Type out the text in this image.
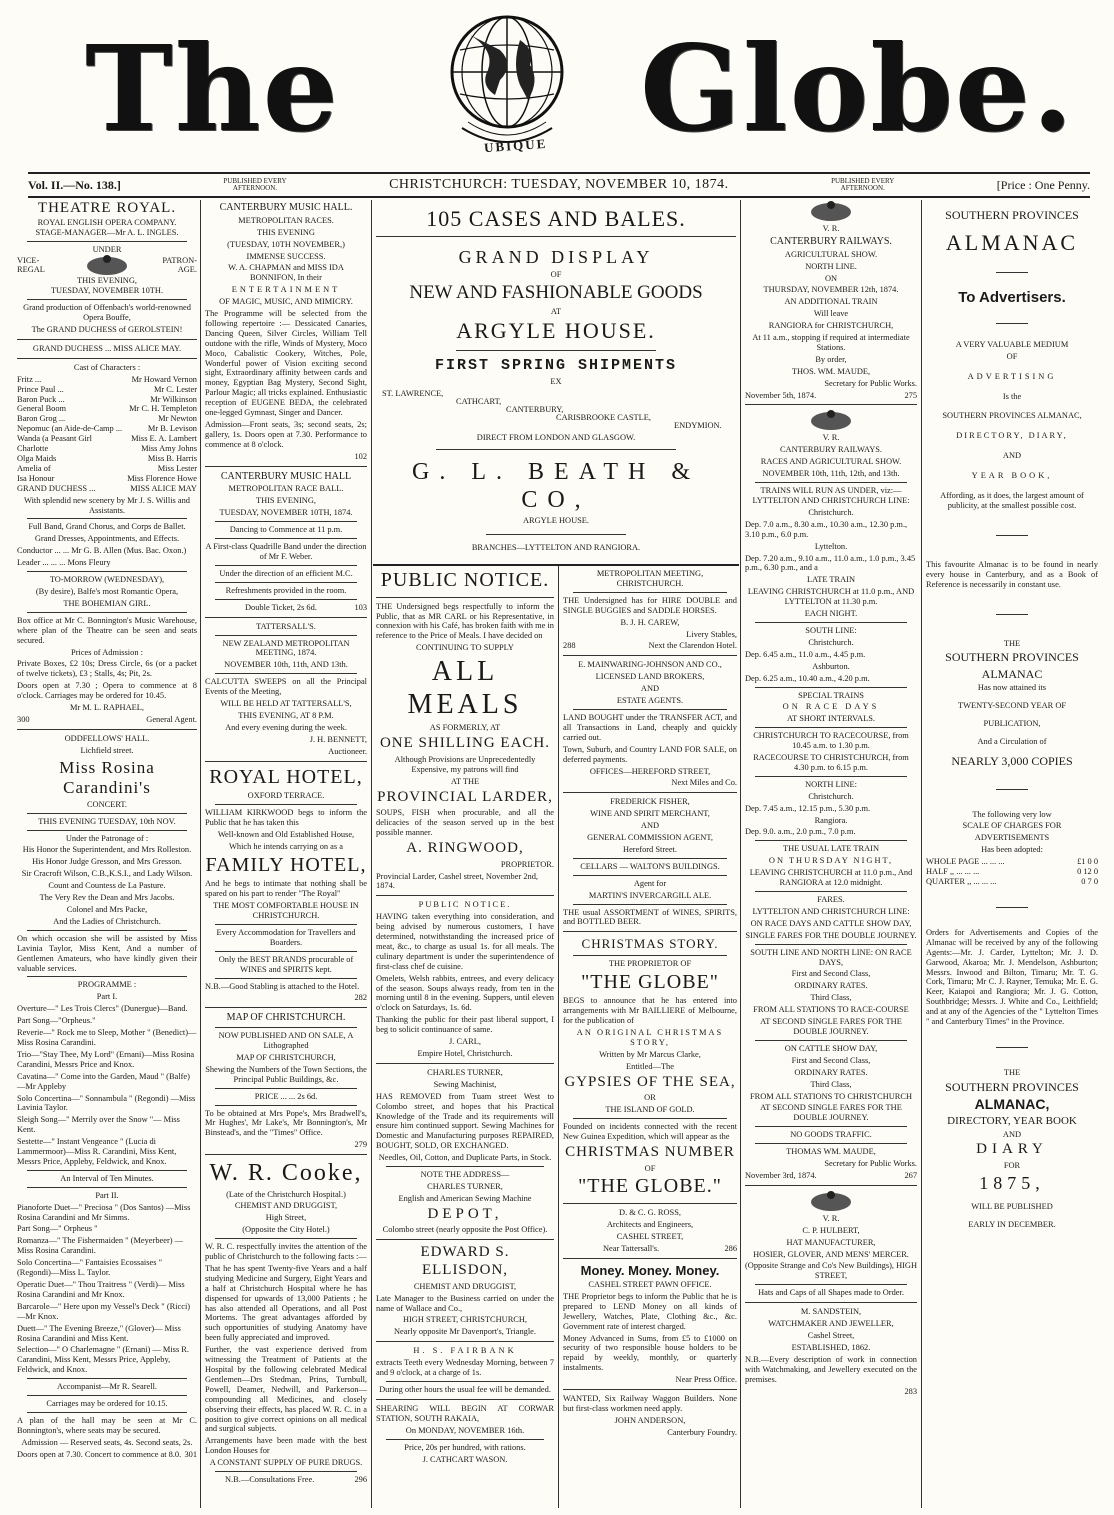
The	UBIQUE Globe.
Vol. II.—No. 138.]	PUBLISHED EVERY AFTERNOON.	CHRISTCHURCH: TUESDAY, NOVEMBER 10, 1874.	PUBLISHED EVERY AFTERNOON.	[Price : One Penny.
THEATRE ROYAL.
ROYAL ENGLISH OPERA COMPANY.
STAGE-MANAGER—Mr A. L. INGLES.
UNDER
VICE-REGAL
PATRON-AGE.
THIS EVENING,
TUESDAY, NOVEMBER 10TH.

Grand production of Offenbach's world-renowned Opera Bouffe,

The GRAND DUCHESS of GEROLSTEIN!

GRAND DUCHESS ... MISS ALICE MAY.

Cast of Characters :

Fritz ...	Mr Howard Vernon
Prince Paul ...	Mr C. Lester
Baron Puck ...	Mr Wilkinson
General Boom	Mr C. H. Templeton
Baron Grog ...	Mr Newton
Nepomuc (an Aide-de-Camp ...	Mr B. Levison
Wanda (a Peasant Girl	Miss E. A. Lambert
Charlotte	Miss Amy Johns
Olga Maids	Miss B. Harris
Amelia of	Miss Lester
Isa Honour	Miss Florence Howe
GRAND DUCHESS ...	MISS ALICE MAY

With splendid new scenery by Mr J. S. Willis and Assistants.

Full Band, Grand Chorus, and Corps de Ballet.

Grand Dresses, Appointments, and Effects.

Conductor ... ... Mr G. B. Allen (Mus. Bac. Oxon.)

Leader ... ... ... Mons Fleury

TO-MORROW (WEDNESDAY),

(By desire), Balfe's most Romantic Opera,

THE BOHEMIAN GIRL.

Box office at Mr C. Bonnington's Music Warehouse, where plan of the Theatre can be seen and seats secured.

Prices of Admission :

Private Boxes, £2 10s; Dress Circle, 6s (or a packet of twelve tickets), £3 ; Stalls, 4s; Pit, 2s.

Doors open at 7.30 ; Opera to commence at 8 o'clock. Carriages may be ordered for 10.45.

Mr M. L. RAPHAEL,

300	General Agent.

ODDFELLOWS' HALL.

Lichfield street.

Miss Rosina Carandini's

CONCERT.

THIS EVENING TUESDAY, 10th NOV.

Under the Patronage of :

His Honor the Superintendent, and Mrs Rolleston.

His Honor Judge Gresson, and Mrs Gresson.

Sir Cracroft Wilson, C.B.,K.S.I., and Lady Wilson.

Count and Countess de La Pasture.

The Very Rev the Dean and Mrs Jacobs.

Colonel and Mrs Packe,

And the Ladies of Christchurch.

On which occasion she will be assisted by Miss Lavinia Taylor, Miss Kent, And a number of Gentlemen Amateurs, who have kindly given their valuable services.

PROGRAMME :

Part I.

Overture—" Les Trois Clercs" (Dunergue)—Band.

Part Song—"Orpheus."

Reverie—" Rock me to Sleep, Mother " (Benedict)—Miss Rosina Carandini.

Trio—"Stay Thee, My Lord" (Ernani)—Miss Rosina Carandini, Messrs Price and Knox.

Cavatina—" Come into the Garden, Maud " (Balfe)—Mr Appleby

Solo Concertina—" Sonnambula " (Regondi) —Miss Lavinia Taylor.

Sleigh Song—" Merrily over the Snow "— Miss Kent.

Sestette—" Instant Vengeance " (Lucia di Lammermoor)—Miss R. Carandini, Miss Kent, Messrs Price, Appleby, Feldwick, and Knox.

An Interval of Ten Minutes.

Part II.

Pianoforte Duet—" Preciosa " (Dos Santos) —Miss Rosina Carandini and Mr Simms.

Part Song—" Orpheus "

Romanza—" The Fishermaiden " (Meyerbeer) —Miss Rosina Carandini.

Solo Concertina—" Fantaisies Ecossaises " (Regondi)—Miss L. Taylor.

Operatic Duet—" Thou Traitress " (Verdi)— Miss Rosina Carandini and Mr Knox.

Barcarole—" Here upon my Vessel's Deck " (Ricci)—Mr Knox.

Duett—" The Evening Breeze," (Glover)— Miss Rosina Carandini and Miss Kent.

Selection—" O Charlemagne " (Ernani) — Miss R. Carandini, Miss Kent, Messrs Price, Appleby, Feldwick, and Knox.

Accompanist—Mr R. Searell.

Carriages may be ordered for 10.15.

A plan of the hall may be seen at Mr C. Bonnington's, where seats may be secured.

Admission — Reserved seats, 4s. Second seats, 2s.

Doors open at 7.30. Concert to commence at 8.0. 301

CANTERBURY MUSIC HALL.

METROPOLITAN RACES.

THIS EVENING

(TUESDAY, 10TH NOVEMBER,)

IMMENSE SUCCESS.

W. A. CHAPMAN and MISS IDA BONNIFON, In their

ENTERTAINMENT

OF MAGIC, MUSIC, AND MIMICRY.

The Programme will be selected from the following repertoire :— Dessicated Canaries, Dancing Queen, Silver Circles, William Tell outdone with the rifle, Winds of Mystery, Moco Moco, Cabalistic Cookery, Witches, Pole, Wonderful power of Vision exciting second sight, Extraordinary affinity between cards and money, Egyptian Bag Mystery, Second Sight, Parlour Magic; all tricks explained. Enthusiastic reception of EUGENE BEDA, the celebrated one-legged Gymnast, Singer and Dancer.

Admission—Front seats, 3s; second seats, 2s; gallery, 1s. Doors open at 7.30. Performance to commence at 8 o'clock.

102

CANTERBURY MUSIC HALL

METROPOLITAN RACE BALL.

THIS EVENING,

TUESDAY, NOVEMBER 10TH, 1874.

Dancing to Commence at 11 p.m.

A First-class Quadrille Band under the direction of Mr F. Weber.

Under the direction of an efficient M.C.

Refreshments provided in the room.

Double Ticket, 2s 6d.	103

TATTERSALL'S.

NEW ZEALAND METROPOLITAN MEETING, 1874.

NOVEMBER 10th, 11th, AND 13th.

CALCUTTA SWEEPS on all the Principal Events of the Meeting,

WILL BE HELD AT TATTERSALL'S,

THIS EVENING, AT 8 P.M.

And every evening during the week.

J. H. BENNETT,

Auctioneer.

ROYAL HOTEL,

OXFORD TERRACE.

WILLIAM KIRKWOOD begs to inform the Public that he has taken this

Well-known and Old Established House,

Which he intends carrying on as a

FAMILY HOTEL,

And he begs to intimate that nothing shall be spared on his part to render "The Royal"

THE MOST COMFORTABLE HOUSE IN CHRISTCHURCH.

Every Accommodation for Travellers and Boarders.

Only the BEST BRANDS procurable of WINES and SPIRITS kept.

N.B.—Good Stabling is attached to the Hotel.

282

MAP OF CHRISTCHURCH.

NOW PUBLISHED AND ON SALE, A Lithographed

MAP OF CHRISTCHURCH,

Shewing the Numbers of the Town Sections, the Principal Public Buildings, &c.

PRICE ... ... 2s 6d.

To be obtained at Mrs Pope's, Mrs Bradwell's, Mr Hughes', Mr Lake's, Mr Bonnington's, Mr Binstead's, and the "Times" Office.

279

W. R. Cooke,

(Late of the Christchurch Hospital.)

CHEMIST AND DRUGGIST,

High Street,

(Opposite the City Hotel.)

W. R. C. respectfully invites the attention of the public of Christchurch to the following facts :—

That he has spent Twenty-five Years and a half studying Medicine and Surgery, Eight Years and a half at Christchurch Hospital where he has dispensed for upwards of 13,000 Patients ; he has also attended all Operations, and all Post Mortems. The great advantages afforded by such opportunities of studying Anatomy have been fully appreciated and improved.

Further, the vast experience derived from witnessing the Treatment of Patients at the Hospital by the following celebrated Medical Gentlemen—Drs Stedman, Prins, Turnbull, Powell, Deamer, Nedwill, and Parkerson—compounding all Medicines, and closely observing their effects, has placed W. R. C. in a position to give correct opinions on all medical and surgical subjects.

Arrangements have been made with the best London Houses for

A CONSTANT SUPPLY OF PURE DRUGS.

N.B.—Consultations Free.	296

105 CASES AND BALES.

GRAND DISPLAY

OF

NEW AND FASHIONABLE GOODS

AT

ARGYLE HOUSE.

FIRST SPRING SHIPMENTS

EX

ST. LAWRENCE,
CATHCART,
CANTERBURY,
CARISBROOKE CASTLE,
ENDYMION.

DIRECT FROM LONDON AND GLASGOW.

G. L. BEATH & CO,

ARGYLE HOUSE.

BRANCHES—LYTTELTON AND RANGIORA.

PUBLIC NOTICE.

THE Undersigned begs respectfully to inform the Public, that as MR CARL or his Representative, in connexion with his Café, has broken faith with me in reference to the Price of Meals. I have decided on

CONTINUING TO SUPPLY

ALL MEALS

AS FORMERLY, AT

ONE SHILLING EACH.

Although Provisions are Unprecedentedly Expensive, my patrons will find

AT THE

PROVINCIAL LARDER,

SOUPS, FISH when procurable, and all the delicacies of the season served up in the best possible manner.

A. RINGWOOD,

PROPRIETOR.

Provincial Larder, Cashel street, November 2nd, 1874.

PUBLIC NOTICE.

HAVING taken everything into consideration, and being advised by numerous customers, I have determined, notwithstanding the increased price of meat, &c., to charge as usual 1s. for all meals. The culinary department is under the superintendence of first-class chef de cuisine.

Omelets, Welsh rabbits, entrees, and every delicacy of the season. Soups always ready, from ten in the morning until 8 in the evening. Suppers, until eleven o'clock on Saturdays, 1s. 6d.

Thanking the public for their past liberal support, I beg to solicit continuance of same.

J. CARL,

Empire Hotel, Christchurch.

CHARLES TURNER,

Sewing Machinist,

HAS REMOVED from Tuam street West to Colombo street, and hopes that his Practical Knowledge of the Trade and its requirements will ensure him continued support. Sewing Machines for Domestic and Manufacturing purposes REPAIRED, BOUGHT, SOLD, OR EXCHANGED.

Needles, Oil, Cotton, and Duplicate Parts, in Stock.

NOTE THE ADDRESS—

CHARLES TURNER,

English and American Sewing Machine

DEPOT,

Colombo street (nearly opposite the Post Office).

EDWARD S. ELLISDON,

CHEMIST AND DRUGGIST,

Late Manager to the Business carried on under the name of Wallace and Co.,

HIGH STREET, CHRISTCHURCH,

Nearly opposite Mr Davenport's, Triangle.

H. S. FAIRBANK

extracts Teeth every Wednesday Morning, between 7 and 9 o'clock, at a charge of 1s.

During other hours the usual fee will be demanded.

SHEARING WILL BEGIN AT CORWAR STATION, SOUTH RAKAIA,

On MONDAY, NOVEMBER 16th.

Price, 20s per hundred, with rations.

J. CATHCART WASON.

METROPOLITAN MEETING, CHRISTCHURCH.

THE Undersigned has for HIRE DOUBLE and SINGLE BUGGIES and SADDLE HORSES.

B. J. H. CAREW,

Livery Stables,

288	Next the Clarendon Hotel.

E. MAINWARING-JOHNSON AND CO.,

LICENSED LAND BROKERS,

AND

ESTATE AGENTS.

LAND BOUGHT under the TRANSFER ACT, and all Transactions in Land, cheaply and quickly carried out.

Town, Suburb, and Country LAND FOR SALE, on deferred payments.

OFFICES—HEREFORD STREET,

Next Miles and Co.

FREDERICK FISHER,

WINE AND SPIRIT MERCHANT,

AND

GENERAL COMMISSION AGENT,

Hereford Street.

CELLARS — WALTON'S BUILDINGS.

Agent for

MARTIN'S INVERCARGILL ALE.

THE usual ASSORTMENT of WINES, SPIRITS, and BOTTLED BEER.

CHRISTMAS STORY.

THE PROPRIETOR OF

"THE GLOBE"

BEGS to announce that he has entered into arrangements with Mr BAILLIERE of Melbourne, for the publication of

AN ORIGINAL CHRISTMAS STORY,

Written by Mr Marcus Clarke,

Entitled—The

GYPSIES OF THE SEA,

OR

THE ISLAND OF GOLD.

Founded on incidents connected with the recent New Guinea Expedition, which will appear as the

CHRISTMAS NUMBER

OF

"THE GLOBE."

D. & C. G. ROSS,

Architects and Engineers,

CASHEL STREET,

Near Tattersall's.	286

Money. Money. Money.

CASHEL STREET PAWN OFFICE.

THE Proprietor begs to inform the Public that he is prepared to LEND Money on all kinds of Jewellery, Watches, Plate, Clothing &c., &c. Government rate of interest charged.

Money Advanced in Sums, from £5 to £1000 on security of two responsible house holders to be repaid by weekly, monthly, or quarterly instalments.

Near Press Office.

WANTED, Six Railway Waggon Builders. None but first-class workmen need apply.

JOHN ANDERSON,

Canterbury Foundry.

V. R.

CANTERBURY RAILWAYS.

AGRICULTURAL SHOW.

NORTH LINE.

ON

THURSDAY, NOVEMBER 12th, 1874.

AN ADDITIONAL TRAIN

Will leave

RANGIORA for CHRISTCHURCH,

At 11 a.m., stopping if required at intermediate Stations.

By order,

THOS. WM. MAUDE,

Secretary for Public Works.

November 5th, 1874.	275

V. R.

CANTERBURY RAILWAYS.

RACES AND AGRICULTURAL SHOW.

NOVEMBER 10th, 11th, 12th, and 13th.

TRAINS WILL RUN AS UNDER, viz:— LYTTELTON AND CHRISTCHURCH LINE:

Christchurch.

Dep. 7.0 a.m., 8.30 a.m., 10.30 a.m., 12.30 p.m., 3.10 p.m., 6.0 p.m.

Lyttelton.

Dep. 7.20 a.m., 9.10 a.m., 11.0 a.m., 1.0 p.m., 3.45 p.m., 6.30 p.m., and a

LATE TRAIN

LEAVING CHRISTCHURCH at 11.0 p.m., AND LYTTELTON at 11.30 p.m.

EACH NIGHT.

SOUTH LINE:

Christchurch.

Dep. 6.45 a.m., 11.0 a.m., 4.45 p.m.

Ashburton.

Dep. 6.25 a.m., 10.40 a.m., 4.20 p.m.

SPECIAL TRAINS

ON RACE DAYS

AT SHORT INTERVALS.

CHRISTCHURCH TO RACECOURSE, from 10.45 a.m. to 1.30 p.m.

RACECOURSE TO CHRISTCHURCH, from 4.30 p.m. to 6.15 p.m.

NORTH LINE:

Christchurch.

Dep. 7.45 a.m., 12.15 p.m., 5.30 p.m.

Rangiora.

Dep. 9.0. a.m., 2.0 p.m., 7.0 p.m.

THE USUAL LATE TRAIN

ON THURSDAY NIGHT,

LEAVING CHRISTCHURCH at 11.0 p.m., And RANGIORA at 12.0 midnight.

FARES.

LYTTELTON AND CHRISTCHURCH LINE:

ON RACE DAYS AND CATTLE SHOW DAY,

SINGLE FARES FOR THE DOUBLE JOURNEY.

SOUTH LINE AND NORTH LINE: ON RACE DAYS,

First and Second Class,

ORDINARY RATES.

Third Class,

FROM ALL STATIONS TO RACE-COURSE

AT SECOND SINGLE FARES FOR THE DOUBLE JOURNEY.

ON CATTLE SHOW DAY,

First and Second Class,

ORDINARY RATES.

Third Class,

FROM ALL STATIONS TO CHRISTCHURCH

AT SECOND SINGLE FARES FOR THE DOUBLE JOURNEY.

NO GOODS TRAFFIC.

THOMAS WM. MAUDE,

Secretary for Public Works.

November 3rd, 1874.	267

V. R.

C. P. HULBERT,

HAT MANUFACTURER,

HOSIER, GLOVER, AND MENS' MERCER.

(Opposite Strange and Co's New Buildings), HIGH STREET,

Hats and Caps of all Shapes made to Order.

M. SANDSTEIN,

WATCHMAKER AND JEWELLER,

Cashel Street,

ESTABLISHED, 1862.

N.B.—Every description of work in connection with Watchmaking, and Jewellery executed on the premises.

283

SOUTHERN PROVINCES

ALMANAC

To Advertisers.

A VERY VALUABLE MEDIUM

OF

ADVERTISING

Is the

SOUTHERN PROVINCES ALMANAC,

DIRECTORY, DIARY,

AND

YEAR BOOK,

Affording, as it does, the largest amount of publicity, at the smallest possible cost.

This favourite Almanac is to be found in nearly every house in Canterbury, and as a Book of Reference is necessarily in constant use.

THE

SOUTHERN PROVINCES

ALMANAC

Has now attained its

TWENTY-SECOND YEAR OF

PUBLICATION,

And a Circulation of

NEARLY 3,000 COPIES

The following very low

SCALE OF CHARGES FOR

ADVERTISEMENTS

Has been adopted:

WHOLE PAGE ... ... ...	£1 0 0
HALF ,, ... ... ...	0 12 0
QUARTER ,, ... ... ...	0 7 0

Orders for Advertisements and Copies of the Almanac will be received by any of the following Agents:—Mr. J. Carder, Lyttelton; Mr. J. D. Garwood, Akaroa; Mr. J. Mendelson, Ashburton; Messrs. Inwood and Bilton, Timaru; Mr. T. G. Cork, Timaru; Mr C. J. Rayner, Temuka; Mr. E. G. Keer, Kaiapoi and Rangiora; Mr. J. G. Cotton, Southbridge; Messrs. J. White and Co., Leithfield; and at any of the Agencies of the " Lyttelton Times " and Canterbury Times" in the Province.

THE

SOUTHERN PROVINCES

ALMANAC,

DIRECTORY, YEAR BOOK

AND

DIARY

FOR

1875,

WILL BE PUBLISHED

EARLY IN DECEMBER.
